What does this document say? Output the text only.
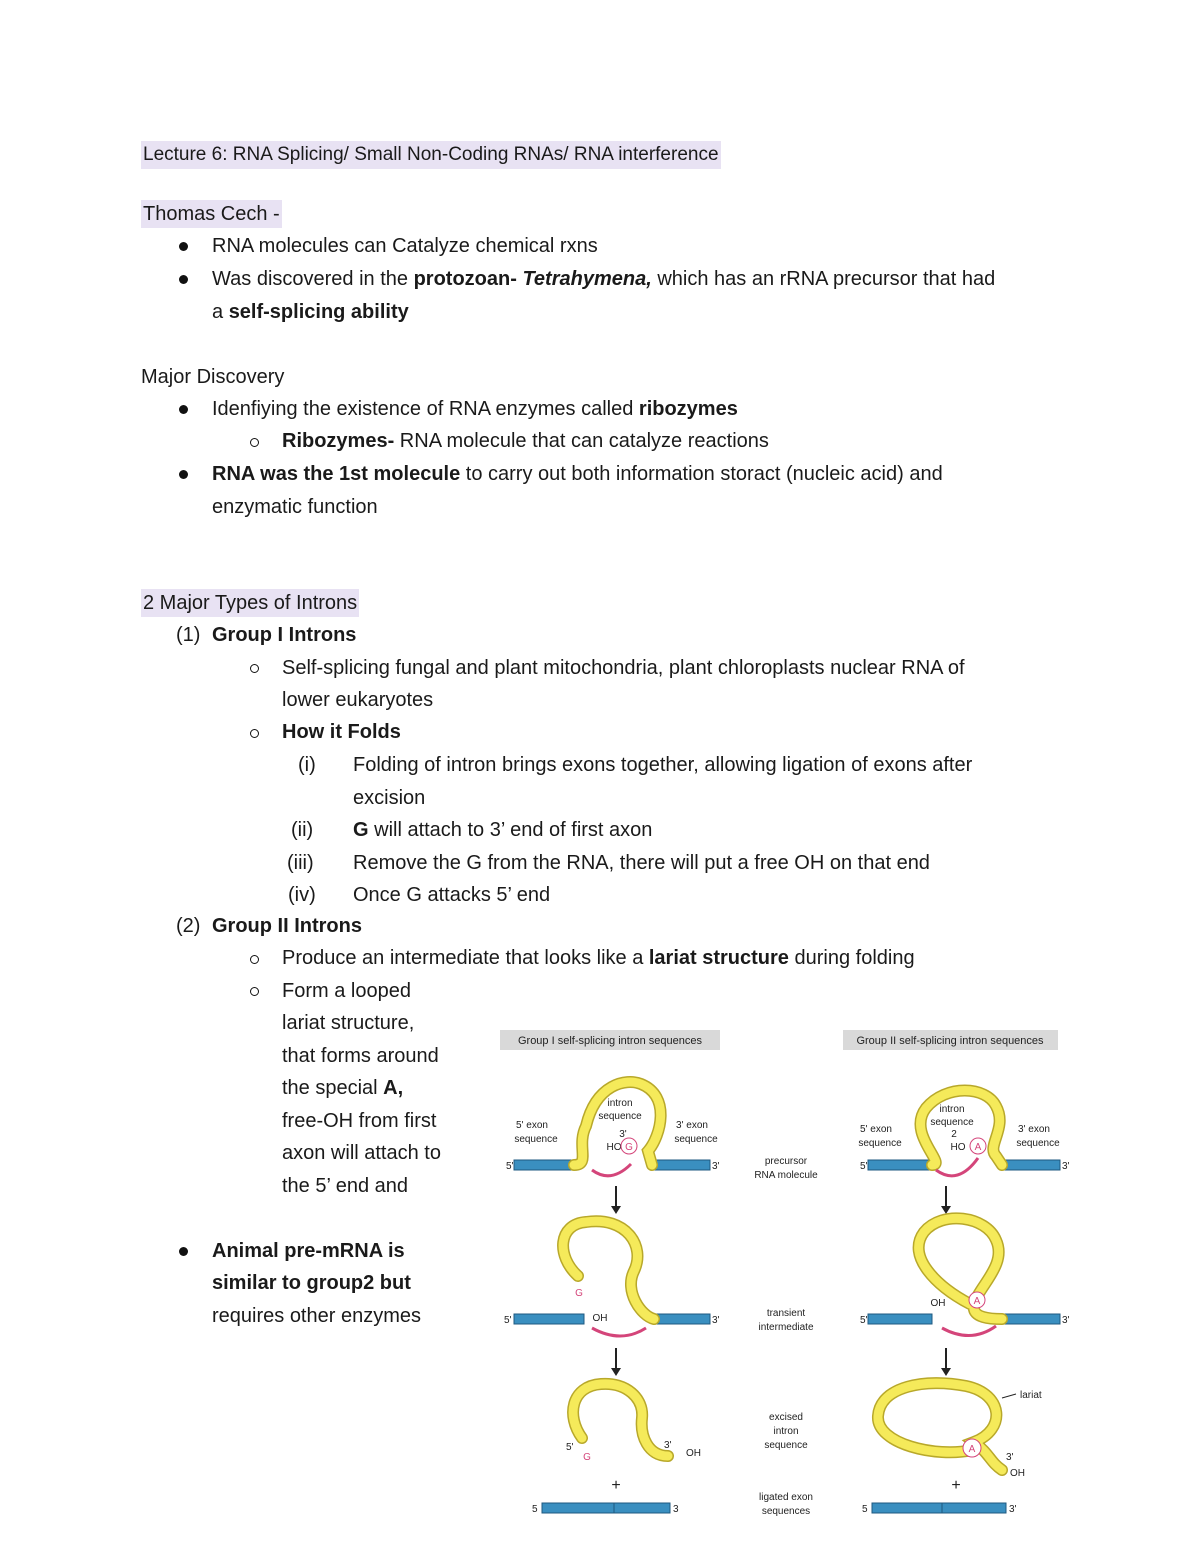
Lecture 6: RNA Splicing/ Small Non-Coding RNAs/ RNA interference
Thomas Cech -
RNA molecules can Catalyze chemical rxns
Was discovered in the protozoan- Tetrahymena, which has an rRNA precursor that had
a self-splicing ability
Major Discovery
Idenfiying the existence of RNA enzymes called ribozymes
Ribozymes- RNA molecule that can catalyze reactions
RNA was the 1st molecule to carry out both information storact (nucleic acid) and
enzymatic function
2 Major Types of Introns
(1) Group I Introns
Self-splicing fungal and plant mitochondria, plant chloroplasts nuclear RNA of
lower eukaryotes
How it Folds
(i) Folding of intron brings exons together, allowing ligation of exons after
excision
(ii) G will attach to 3’ end of first axon
(iii) Remove the G from the RNA, there will put a free OH on that end
(iv) Once G attacks 5’ end
(2) Group II Introns
Produce an intermediate that looks like a lariat structure during folding
Form a looped
lariat structure,
that forms around
the special A,
free-OH from first
axon will attach to
the 5’ end and
Animal pre-mRNA is
similar to group2 but
requires other enzymes
Group I self-splicing intron sequences	Group II self-splicing intron sequences
intron
sequence
3'
HO G
5' exon
sequence
3' exon
sequence
5'	3'
G
OH
5'	3'
5'
G
3'
OH
+
5	3
precursor
RNA molecule
transient
intermediate
excised
intron
sequence
ligated exon
sequences
intron
sequence
2
HO A
5' exon
sequence
3' exon
sequence
5'	3'
A
OH
5'	3'
A
lariat
3'
OH
+
5	3'
